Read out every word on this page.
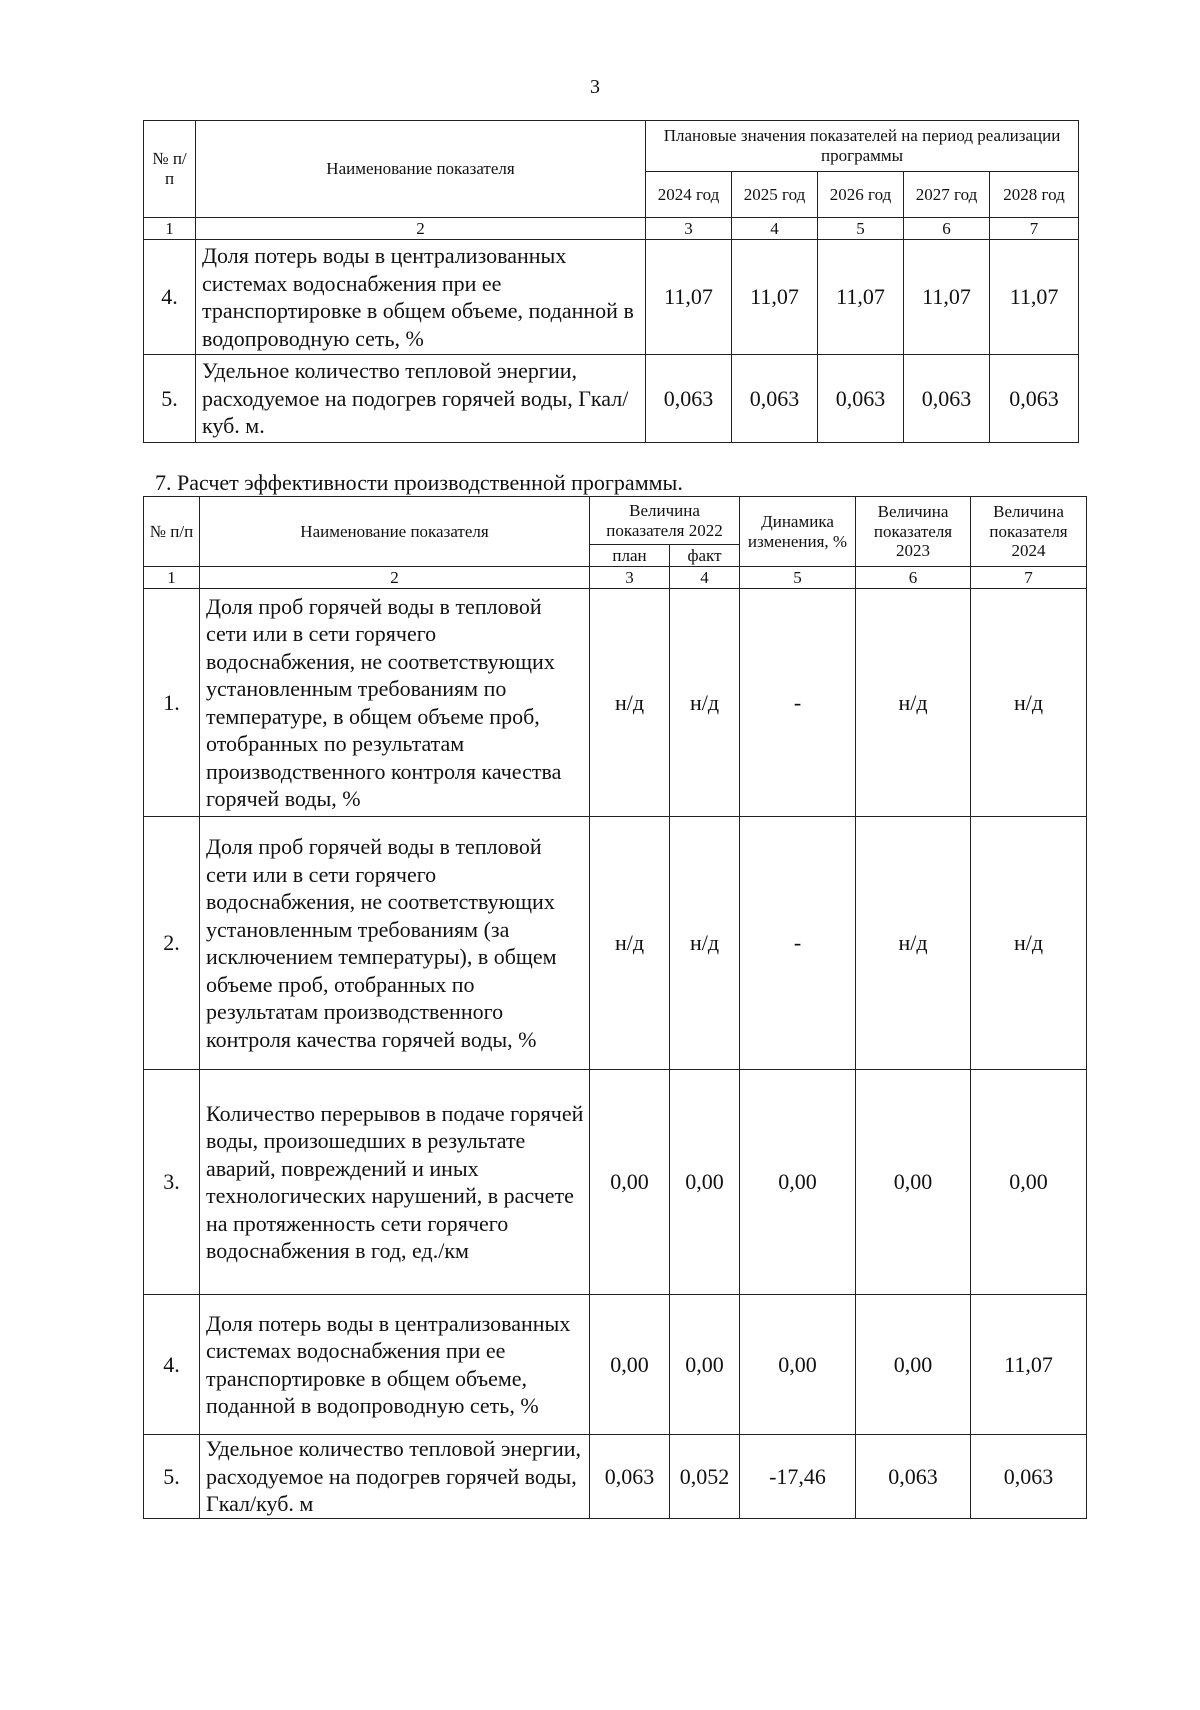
3
№ п/п	Наименование показателя	Плановые значения показателей на период реализации программы				
		2024 год	2025 год	2026 год	2027 год	2028 год
1	2	3	4	5	6	7
4.	Доля потерь воды в централизованных системах водоснабжения при ее транспортировке в общем объеме, поданной в водопроводную сеть, %	11,07	11,07	11,07	11,07	11,07
5.	Удельное количество тепловой энергии, расходуемое на подогрев горячей воды, Гкал/куб. м.	0,063	0,063	0,063	0,063	0,063
7. Расчет эффективности производственной программы.
№ п/п	Наименование показателя	Величина показателя 2022		Динамика изменения, %	Величина показателя 2023	Величина показателя 2024
		план	факт			
1	2	3	4	5	6	7
1.	Доля проб горячей воды в тепловой сети или в сети горячего водоснабжения, не соответствующих установленным требованиям по температуре, в общем объеме проб, отобранных по результатам производственного контроля качества горячей воды, %	н/д	н/д	-	н/д	н/д
2.	Доля проб горячей воды в тепловой сети или в сети горячего водоснабжения, не соответствующих установленным требованиям (за исключением температуры), в общем объеме проб, отобранных по результатам производственного контроля качества горячей воды, %	н/д	н/д	-	н/д	н/д
3.	Количество перерывов в подаче горячей воды, произошедших в результате аварий, повреждений и иных технологических нарушений, в расчете на протяженность сети горячего водоснабжения в год, ед./км	0,00	0,00	0,00	0,00	0,00
4.	Доля потерь воды в централизованных системах водоснабжения при ее транспортировке в общем объеме, поданной в водопроводную сеть, %	0,00	0,00	0,00	0,00	11,07
5.	Удельное количество тепловой энергии, расходуемое на подогрев горячей воды, Гкал/куб. м	0,063	0,052	-17,46	0,063	0,063
